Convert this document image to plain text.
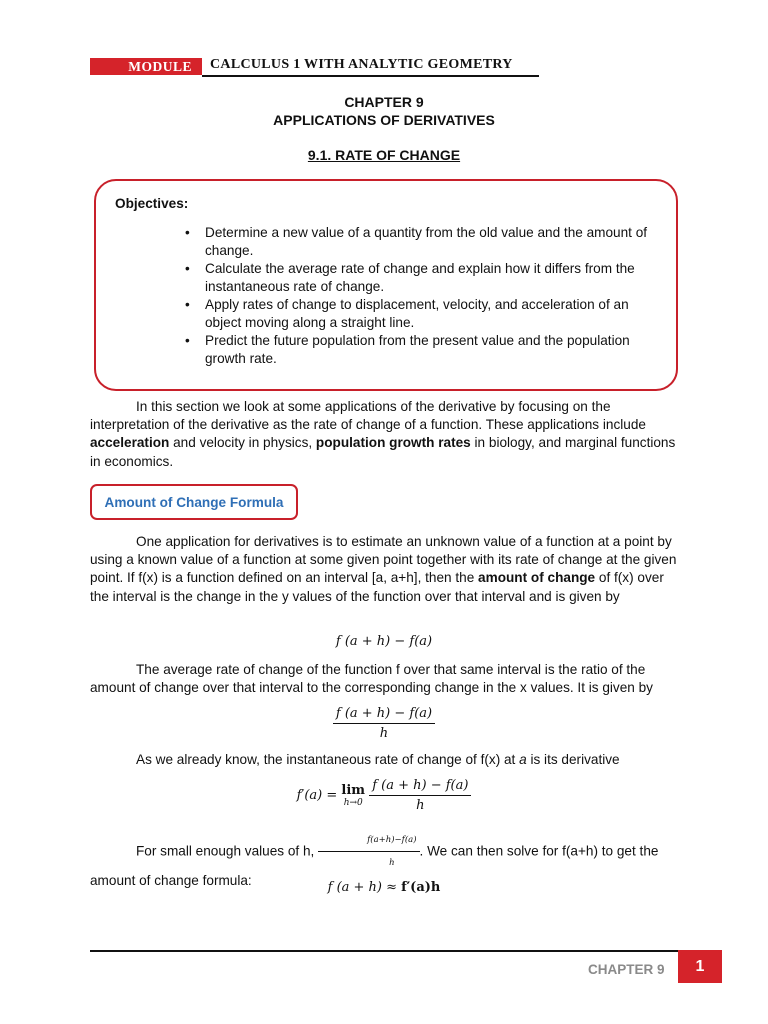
MODULE	CALCULUS 1 WITH ANALYTIC GEOMETRY
CHAPTER 9
APPLICATIONS OF DERIVATIVES
9.1. RATE OF CHANGE
Objectives:
• Determine a new value of a quantity from the old value and the amount of change.
• Calculate the average rate of change and explain how it differs from the instantaneous rate of change.
• Apply rates of change to displacement, velocity, and acceleration of an object moving along a straight line.
• Predict the future population from the present value and the population growth rate.
In this section we look at some applications of the derivative by focusing on the interpretation of the derivative as the rate of change of a function. These applications include acceleration and velocity in physics, population growth rates in biology, and marginal functions in economics.
Amount of Change Formula
One application for derivatives is to estimate an unknown value of a function at a point by using a known value of a function at some given point together with its rate of change at the given point. If f(x) is a function defined on an interval [a, a+h], then the amount of change of f(x) over the interval is the change in the y values of the function over that interval and is given by
f (a + h) − f(a)
The average rate of change of the function f over that same interval is the ratio of the amount of change over that interval to the corresponding change in the x values. It is given by
$\frac{f (a + h) - f(a)}{h}$
As we already know, the instantaneous rate of change of f(x) at a is its derivative
f′(a) = lim
h→0
$\frac{f (a + h) - f(a)}{h}$
For small enough values of h, $\frac{f(a+h)-f(a)}{h}$ . We can then solve for f(a+h) to get the amount of change formula:	f (a + h) ≈ f′(a)h
CHAPTER 9	1
